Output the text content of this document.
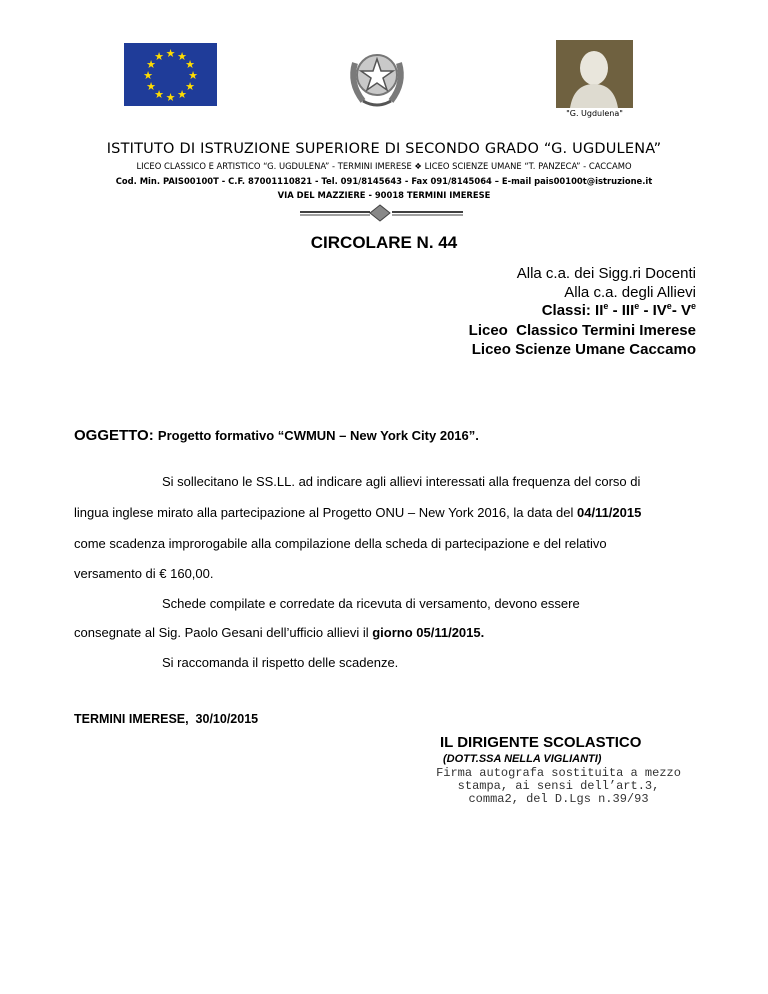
★ ★
★
★
★
★
★
★
★
★
★
★
"G. Ugdulena"
ISTITUTO DI ISTRUZIONE SUPERIORE DI SECONDO GRADO “G. UGDULENA”
LICEO CLASSICO E ARTISTICO “G. UGDULENA” - TERMINI IMERESE ❖ LICEO SCIENZE UMANE “T. PANZECA” - CACCAMO
Cod. Min. PAIS00100T - C.F. 87001110821 - Tel. 091/8145643 - Fax 091/8145064 – E-mail pais00100t@istruzione.it
VIA DEL MAZZIERE - 90018 TERMINI IMERESE
CIRCOLARE N. 44
Alla c.a. dei Sigg.ri Docenti
Alla c.a. degli Allievi
Classi: IIe - IIIe - IVe- Ve
Liceo  Classico Termini Imerese
Liceo Scienze Umane Caccamo
OGGETTO: Progetto formativo “CWMUN – New York City 2016”.
Si sollecitano le SS.LL. ad indicare agli allievi interessati alla frequenza del corso di
lingua inglese mirato alla partecipazione al Progetto ONU – New York 2016, la data del 04/11/2015
come scadenza improrogabile alla compilazione della scheda di partecipazione e del relativo
versamento di € 160,00.
Schede compilate e corredate da ricevuta di versamento, devono essere
consegnate al Sig. Paolo Gesani dell’ufficio allievi il giorno 05/11/2015.
Si raccomanda il rispetto delle scadenze.
TERMINI IMERESE,  30/10/2015
IL DIRIGENTE SCOLASTICO
(DOTT.SSA NELLA VIGLIANTI)
Firma autografa sostituita a mezzo
stampa, ai sensi dell’art.3,
comma2, del D.Lgs n.39/93
